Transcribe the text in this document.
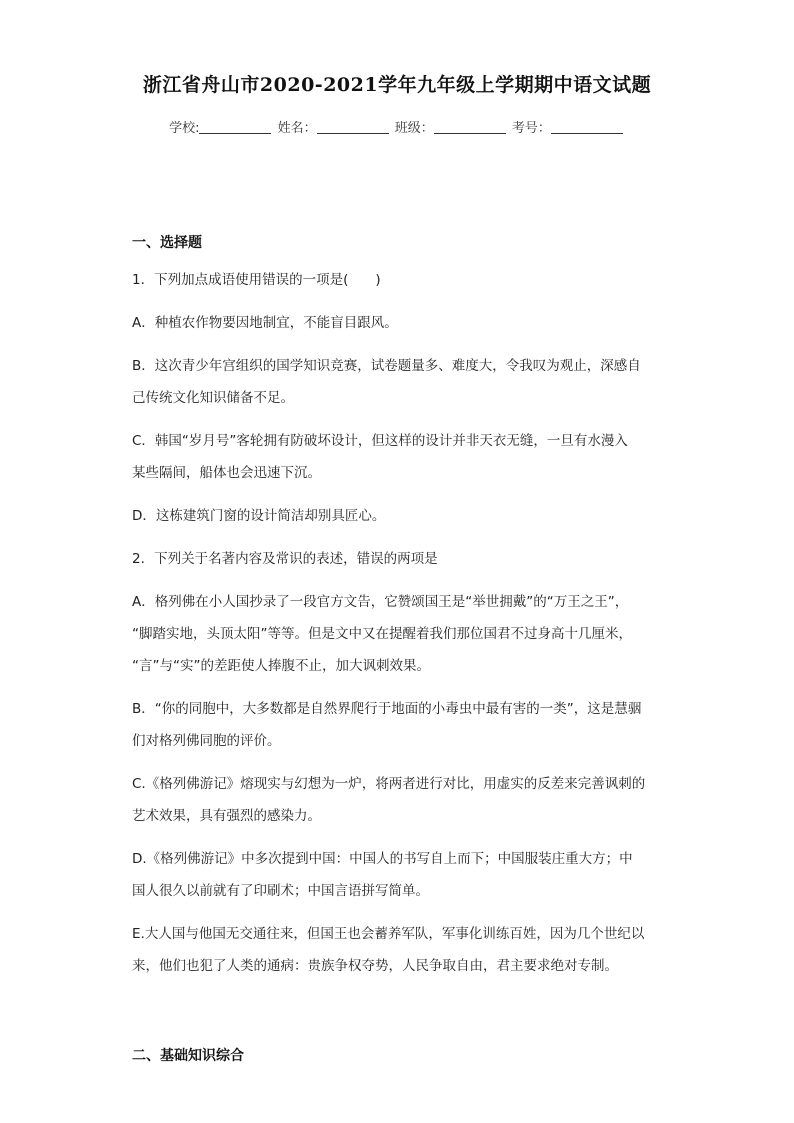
浙江省舟山市2020-2021学年九年级上学期期中语文试题
学校:	姓名：	班级：	考号：
一、选择题

1．下列加点成语使用错误的一项是(　　)

A．种植农作物要因地制宜，不能盲目跟风。

B．这次青少年宫组织的国学知识竞赛，试卷题量多、难度大，令我叹为观止，深感自
己传统文化知识储备不足。

C．韩国“岁月号”客轮拥有防破坏设计，但这样的设计并非天衣无缝，一旦有水漫入
某些隔间，船体也会迅速下沉。

D．这栋建筑门窗的设计简洁却别具匠心。

2．下列关于名著内容及常识的表述，错误的两项是

A．格列佛在小人国抄录了一段官方文告，它赞颂国王是“举世拥戴”的“万王之王”，
“脚踏实地，头顶太阳”等等。但是文中又在提醒着我们那位国君不过身高十几厘米，
“言”与“实”的差距使人捧腹不止，加大讽刺效果。

B．“你的同胞中，大多数都是自然界爬行于地面的小毒虫中最有害的一类”，这是慧骃
们对格列佛同胞的评价。

C.《格列佛游记》熔现实与幻想为一炉，将两者进行对比，用虚实的反差来完善讽刺的
艺术效果，具有强烈的感染力。

D.《格列佛游记》中多次提到中国：中国人的书写自上而下；中国服装庄重大方；中
国人很久以前就有了印刷术；中国言语拼写简单。

E.大人国与他国无交通往来，但国王也会蓄养军队，军事化训练百姓，因为几个世纪以
来，他们也犯了人类的通病：贵族争权夺势，人民争取自由，君主要求绝对专制。

二、基础知识综合
